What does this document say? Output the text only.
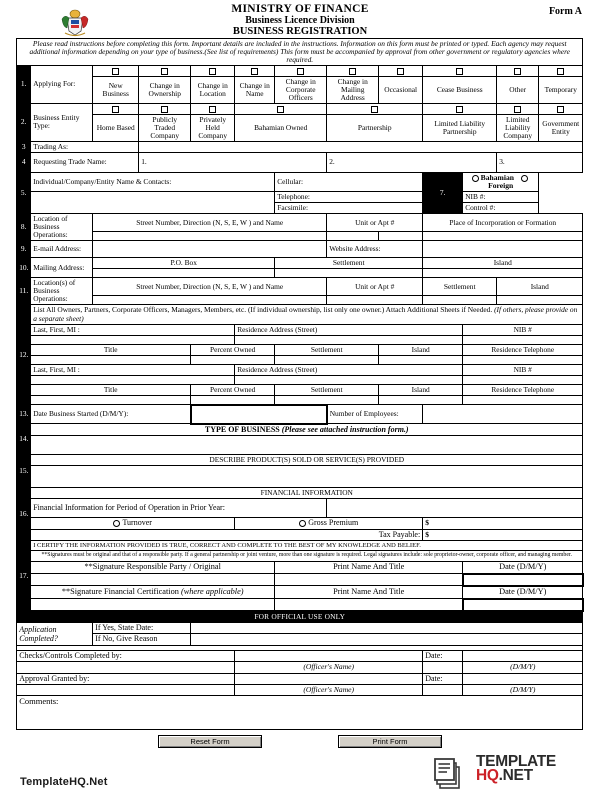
MINISTRY OF FINANCE
Business Licence Division
BUSINESS REGISTRATION
Form A
Please read instructions before completing this form. Important details are included in the instructions. Information on this form must be printed or typed. Each agency may request additional information depending on your type of business.(See list of requirements) This form must be accompanied by approval from other government or regulatory agencies where required.												
1.	Applying For:											
		New Business	Change in Ownership	Change in Location	Change in Name	Change in Corporate Officers	Change in Mailing Address	Occasional	Cease Business		Other	Temporary
2.	Business Entity Type:											
		Home Based	Publicly Traded Company	Privately Held Company	Bahamian Owned		Partnership		Limited Liability Partnership		Limited Liability Company	Government Entity
3	Trading As:											
4	Requesting Trade Name:		1.				2.				3.	
5.	Individual/Company/Entity Name & Contacts:					Cellular:			7.	Bahamian  Foreign	
						Telephone:				NIB #:		
						Facsimile:				Control #:		
8.	Location of Business Operations:	Street Number, Direction (N, S, E, W ) and Name					Unit or Apt #		Place of Incorporation or Formation			

9.	E-mail Address:						Website Address:					
10.	Mailing Address:	P.O. Box				Settlement			Island			

11.	Location(s) of Business Operations:	Street Number, Direction (N, S, E, W ) and Name					Unit or Apt #		Settlement		Island	

12.	List All Owners, Partners, Corporate Officers, Managers, Members, etc. (If individual ownership, list only one owner.) Attach Additional Sheets if Needed. (If others, please provide on a separate sheet)											
	Last, First, MI :				Residence Address (Street)					NIB #		

	Title			Percent Owned		Settlement		Island		Residence Telephone		

	Last, First, MI :				Residence Address (Street)					NIB #		

	Title			Percent Owned		Settlement		Island		Residence Telephone		

13.	Date Business Started (D/M/Y):						Number of Employees:					
14.	TYPE OF BUSINESS (Please see attached instruction form.)											

15.	DESCRIBE PRODUCT(S) SOLD OR SERVICE(S) PROVIDED											

16.	FINANCIAL INFORMATION											
	Financial Information for Period of Operation in Prior Year:											
	Turnover				Gross Premium				$			
	Tax Payable:								$			
17.	I CERTIFY THE INFORMATION PROVIDED IS TRUE, CORRECT AND COMPLETE TO THE BEST OF MY KNOWLEDGE AND BELIEF.											
	**Signatures must be original and that of a responsible party. If a general partnership or joint venture, more than one signature is required. Legal signatures include: sole proprietor-owner, corporate officer, and managing member.											
	**Signature Responsible Party / Original					Print Name And Title				Date (D/M/Y)		

	**Signature Financial Certification (where applicable)					Print Name And Title				Date (D/M/Y)		

FOR OFFICIAL USE ONLY												
Application Completed?		If Yes, State Date:										
		If No, Give Reason										

Checks/Controls Completed by:									Date:			
					(Officer's Name)					(D/M/Y)		
Approval Granted by:									Date:			
					(Officer's Name)					(D/M/Y)		
Comments:												
Reset Form	Print Form
TemplateHQ.Net
TEMPLATE
HQ.NET
